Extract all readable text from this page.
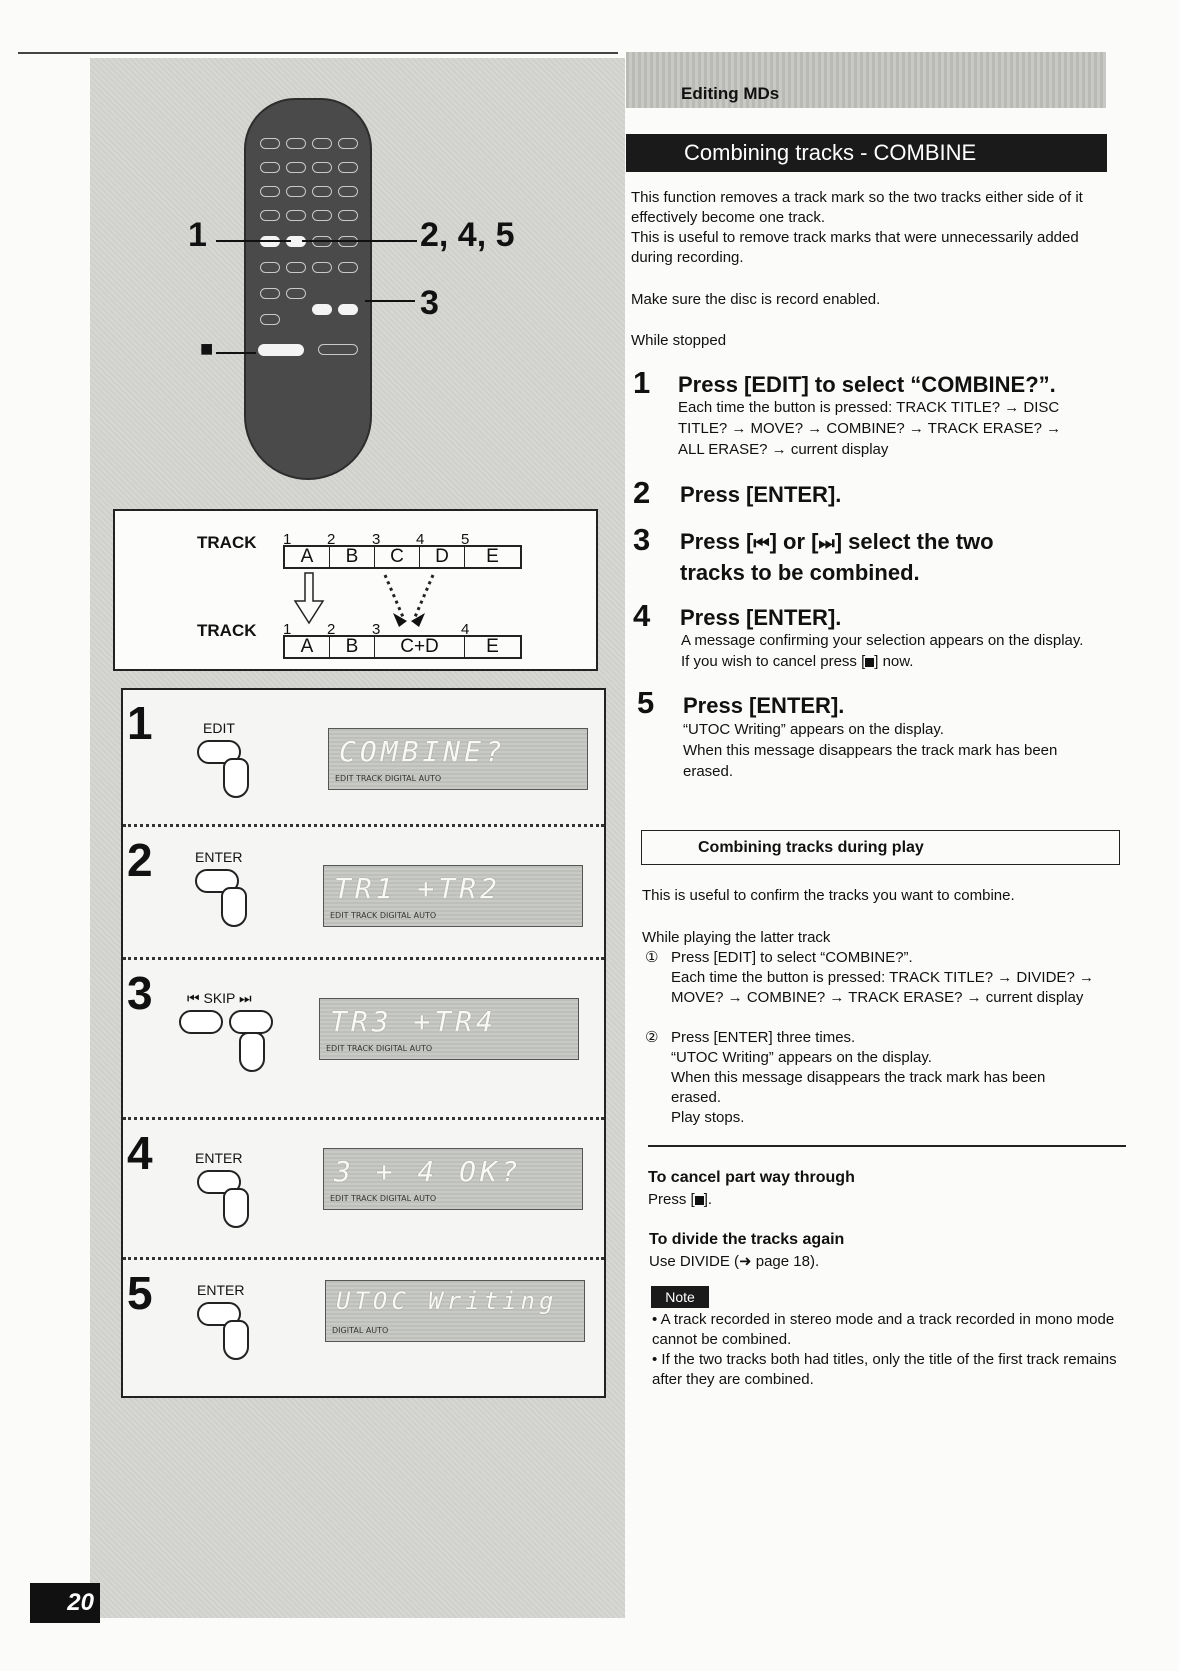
1	2, 4, 5
3
■
TRACK 1 2 3 4 5
A	B	C	D	E
TRACK 1 2 3	4
A	B	C+D	E
1	EDIT
COMBINE?
EDIT TRACK DIGITAL AUTO
2	ENTER
TR1 +TR2
EDIT TRACK DIGITAL AUTO
3 ⏮ SKIP ⏭
TR3 +TR4
EDIT TRACK DIGITAL AUTO
4	ENTER	3 + 4 OK?
EDIT TRACK DIGITAL AUTO
5	ENTER	UTOC Writing
DIGITAL AUTO
20
Editing MDs
Combining tracks - COMBINE
This function removes a track mark so the two tracks either side of it
effectively become one track.
This is useful to remove track marks that were unnecessarily added
during recording.
Make sure the disc is record enabled.
While stopped
1 Press [EDIT] to select “COMBINE?”.
Each time the button is pressed: TRACK TITLE? → DISC
TITLE? → MOVE? → COMBINE? → TRACK ERASE? →
ALL ERASE? → current display
2 Press [ENTER].
3 Press [⏮] or [⏭] select the two
tracks to be combined.
4 Press [ENTER].
A message confirming your selection appears on the display.
If you wish to cancel press [ ] now.
5 Press [ENTER].
“UTOC Writing” appears on the display.
When this message disappears the track mark has been
erased.
Combining tracks during play
This is useful to confirm the tracks you want to combine.
While playing the latter track
① Press [EDIT] to select “COMBINE?”.
Each time the button is pressed: TRACK TITLE? → DIVIDE? →
MOVE? → COMBINE? → TRACK ERASE? → current display
② Press [ENTER] three times.
“UTOC Writing” appears on the display.
When this message disappears the track mark has been
erased.
Play stops.
To cancel part way through
Press [ ].
To divide the tracks again
Use DIVIDE (➜ page 18).
Note
• A track recorded in stereo mode and a track recorded in mono mode cannot be combined.
• If the two tracks both had titles, only the title of the first track remains after they are combined.
